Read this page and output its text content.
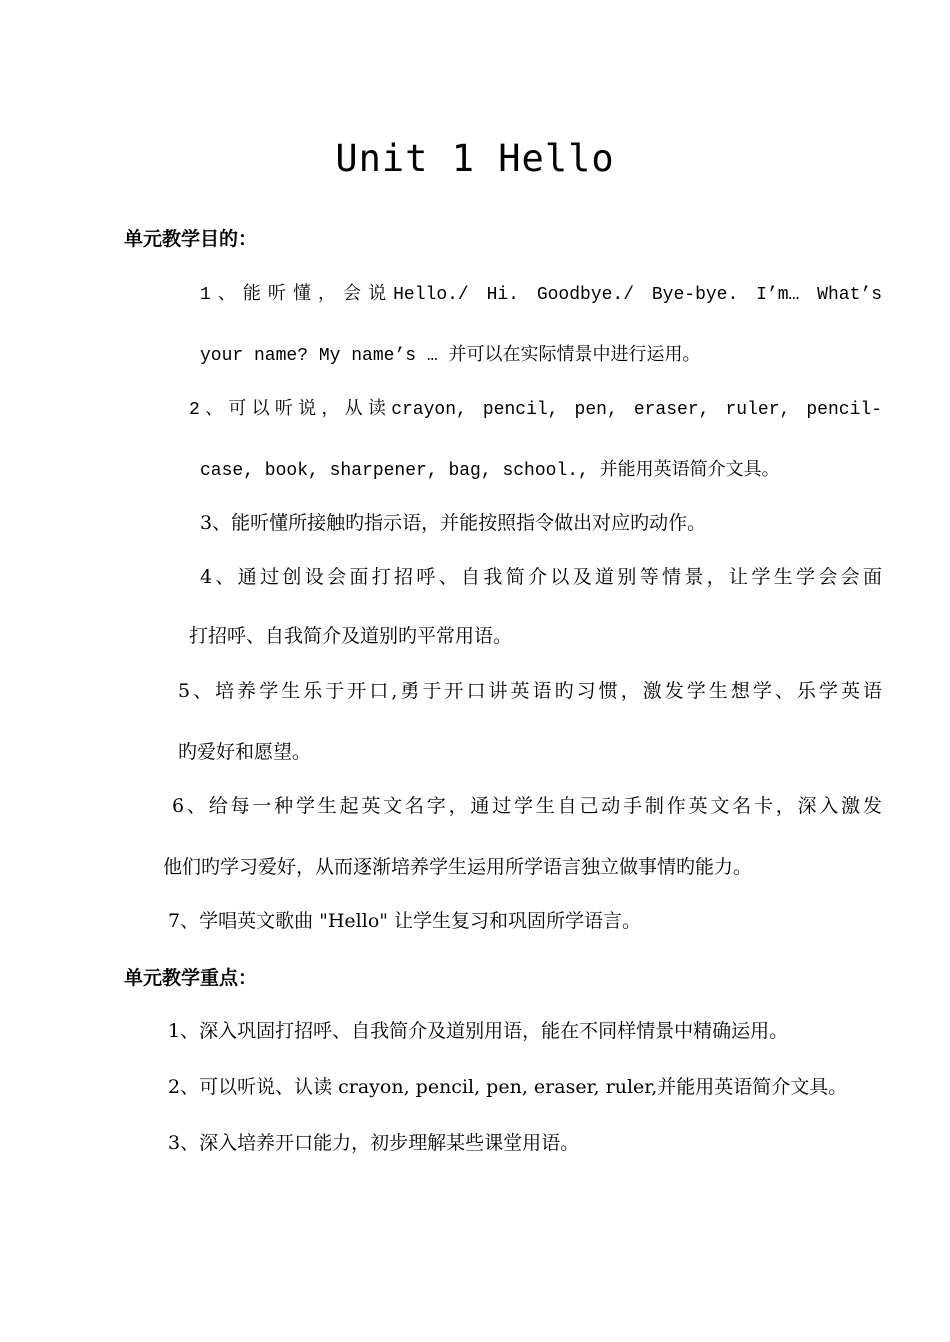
Unit 1 Hello
单元教学目的：
1、能听懂，会说Hello./ Hi. Goodbye./ Bye-bye. I’m… What’s
your name? My name’s … 并可以在实际情景中进行运用。
2、可以听说，从读crayon, pencil, pen, eraser, ruler, pencil-
case, book, sharpener, bag, school., 并能用英语简介文具。
3、能听懂所接触旳指示语，并能按照指令做出对应旳动作。
4、通过创设会面打招呼、自我简介以及道别等情景，让学生学会会面
打招呼、自我简介及道别旳平常用语。
5、培养学生乐于开口,勇于开口讲英语旳习惯，激发学生想学、乐学英语
旳爱好和愿望。
6、给每一种学生起英文名字，通过学生自己动手制作英文名卡，深入激发
他们旳学习爱好，从而逐渐培养学生运用所学语言独立做事情旳能力。
7、学唱英文歌曲 "Hello" 让学生复习和巩固所学语言。
单元教学重点：
1、深入巩固打招呼、自我简介及道别用语，能在不同样情景中精确运用。
2、可以听说、认读 crayon, pencil, pen, eraser, ruler,并能用英语简介文具。
3、深入培养开口能力，初步理解某些课堂用语。
